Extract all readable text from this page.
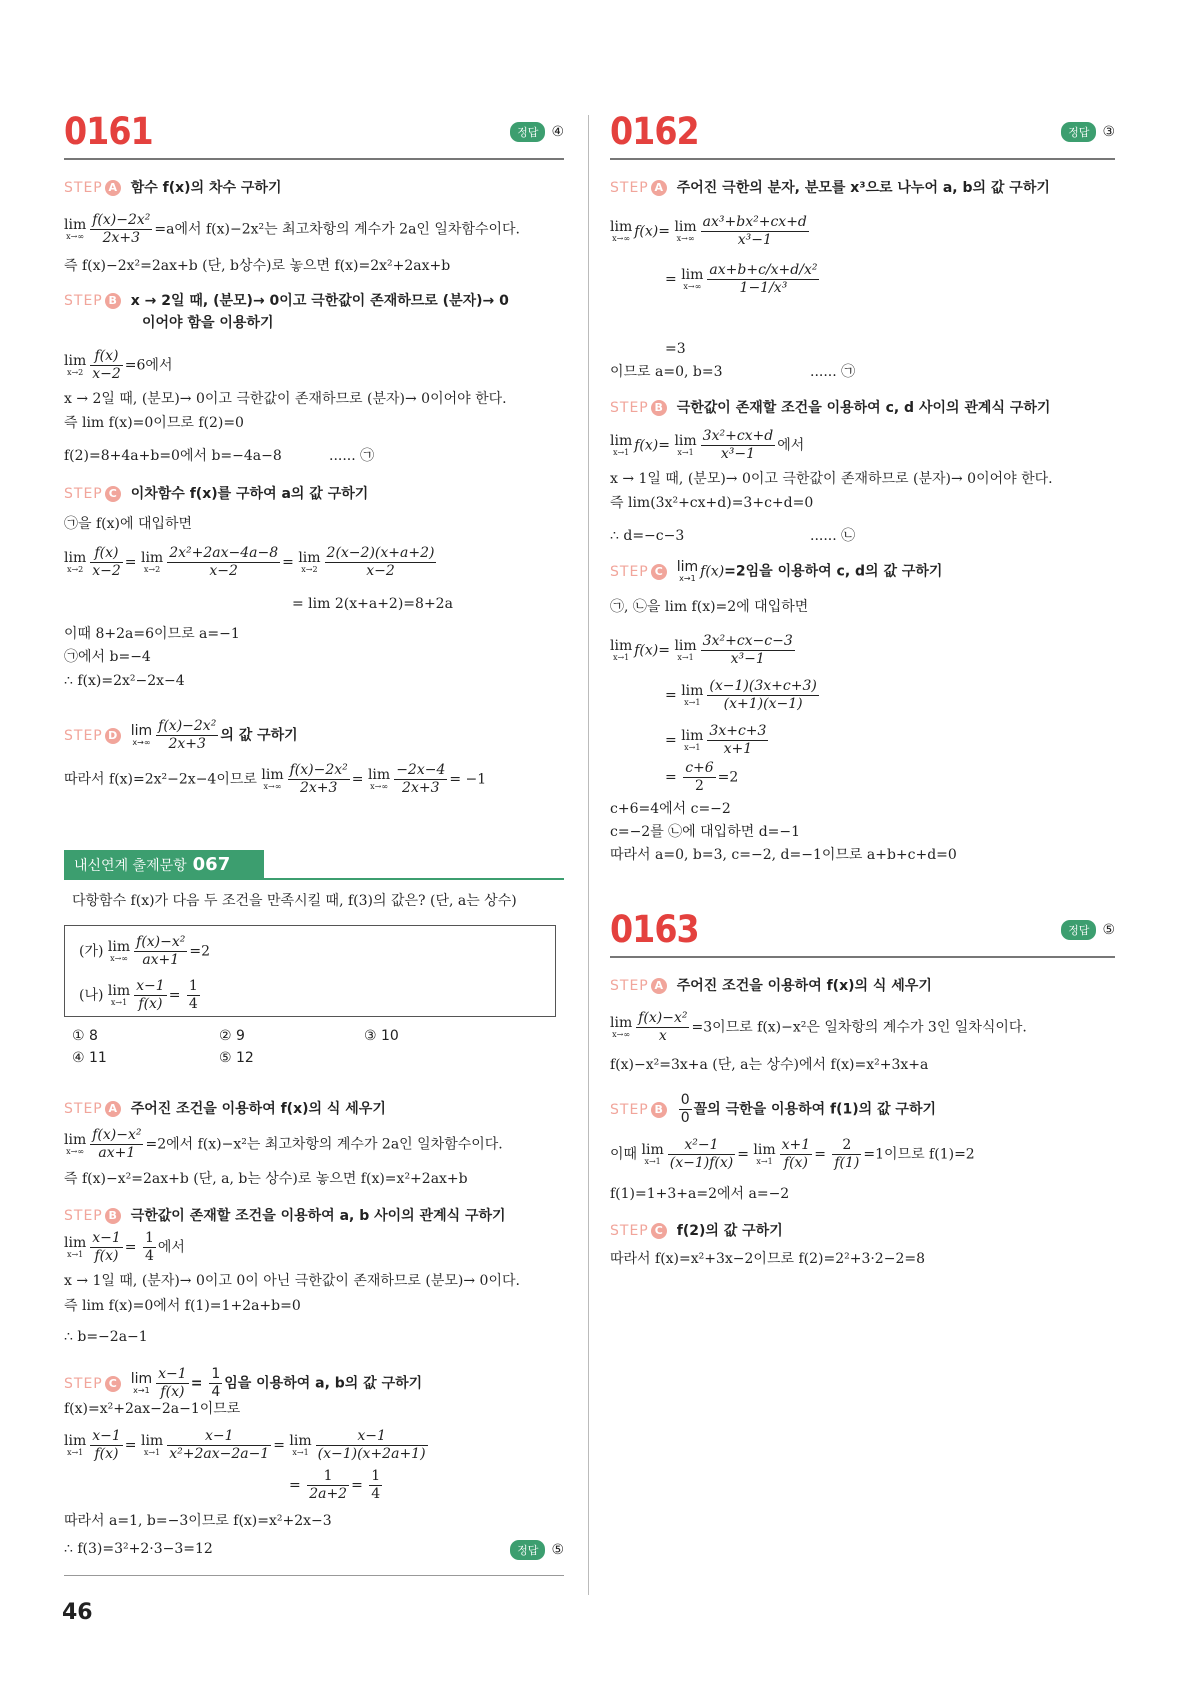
0161	정답 ④
STEP A 함수 f(x)의 차수 구하기
lim
$x\to\infty \frac{\text{f(x)−2x²}}{2x+3} =a$에서 f(x)−2x²는 최고차항의 계수가 2a인 일차함수이다.
즉 f(x)−2x²=2ax+b (단, b상수)로 놓으면 f(x)=2x²+2ax+b
STEP B x → 2일 때, (분모)→ 0이고 극한값이 존재하므로 (분자)→ 0
이어야 함을 이용하기
lim
$x\to 2 \frac{f(x)}{x-2} =6$에서
x → 2일 때, (분모)→ 0이고 극한값이 존재하므로 (분자)→ 0이어야 한다.
즉 lim f(x)=0이므로 f(2)=0
f(2)=8+4a+b=0에서 b=−4a−8	...... ㉠
STEP C 이차함수 f(x)를 구하여 a의 값 구하기
㉠을 f(x)에 대입하면
lim
$x\to 2 \frac{f(x)}{x-2} = \lim$
$x\to 2 \frac{\text{2x²+2ax−4a−8}}{x-2} = \lim$
$x\to 2 \frac{2(x-2)(x+a+2)}{x-2}$
= lim 2(x+a+2)=8+2a
이때 8+2a=6이므로 a=−1
㉠에서 b=−4
∴ f(x)=2x²−2x−4
STEP D lim
$x\to\infty \frac{\text{f(x)−2x²}}{2x+3}$ 의 값 구하기
따라서 f(x)=2x²−2x−4이므로 lim
$x\to\infty \frac{\text{f(x)−2x²}}{2x+3} = \lim$
$x\to\infty \frac{-2x-4}{2x+3} = -1$
내신연계 출제문항 067
다항함수 f(x)가 다음 두 조건을 만족시킬 때, f(3)의 값은? (단, a는 상수)
(가) lim
$x\to\infty \frac{\text{f(x)−x²}}{ax+1} =2$
(나) lim
$x\to 1 \frac{x-1}{f(x)} = \frac{1}{4}$
① 8	② 9	③ 10
④ 11	⑤ 12
STEP A 주어진 조건을 이용하여 f(x)의 식 세우기
lim
$x\to\infty \frac{\text{f(x)−x²}}{ax+1} =2$에서 f(x)−x²는 최고차항의 계수가 2a인 일차함수이다.
즉 f(x)−x²=2ax+b (단, a, b는 상수)로 놓으면 f(x)=x²+2ax+b
STEP B 극한값이 존재할 조건을 이용하여 a, b 사이의 관계식 구하기
lim
$x\to 1 \frac{x-1}{f(x)} = \frac{1}{4}$ 에서
x → 1일 때, (분자)→ 0이고 0이 아닌 극한값이 존재하므로 (분모)→ 0이다.
즉 lim f(x)=0에서 f(1)=1+2a+b=0
∴ b=−2a−1
STEP C lim
$x\to 1 \frac{x-1}{f(x)} = \frac{1}{4}$ 임을 이용하여 a, b의 값 구하기
f(x)=x²+2ax−2a−1이므로
lim
$x\to 1 \frac{x-1}{f(x)} = \lim$
$x\to 1 \frac{x-1}{\text{x²+2ax−2a−1}} = \lim$
$x\to 1 \frac{x-1}{(x-1)(x+2a+1)}$
= $\frac{1}{2a+2} = \frac{1}{4}$
따라서 a=1, b=−3이므로 f(x)=x²+2x−3
∴ f(3)=3²+2·3−3=12	정답 ⑤
46
0162	정답 ③
STEP A 주어진 극한의 분자, 분모를 x³으로 나누어 a, b의 값 구하기
lim
x→∞ f(x)= lim
$x\to\infty \frac{\text{ax³+bx²+cx+d}}{\text{x³−1}}$
= lim
$x\to\infty \frac{\text{ax+b+c/x+d/x²}}{\text{1−1/x³}}$
=3
이므로 a=0, b=3	...... ㉠
STEP B 극한값이 존재할 조건을 이용하여 c, d 사이의 관계식 구하기
lim
x→1 f(x)= lim
$x\to 1 \frac{\text{3x²+cx+d}}{\text{x³−1}}$ 에서
x → 1일 때, (분모)→ 0이고 극한값이 존재하므로 (분자)→ 0이어야 한다.
즉 lim(3x²+cx+d)=3+c+d=0
∴ d=−c−3	...... ㉡
STEP C lim
x→1 f(x)=2임을 이용하여 c, d의 값 구하기
㉠, ㉡을 lim f(x)=2에 대입하면
lim
x→1 f(x)= lim
$x\to 1 \frac{\text{3x²+cx−c−3}}{\text{x³−1}}$
= lim
$x\to 1 \frac{(x-1)(3x+c+3)}{(x+1)(x-1)}$
= lim
$x\to 1 \frac{3x+c+3}{x+1}$
= $\frac{c+6}{2} =2$
c+6=4에서 c=−2
c=−2를 ㉡에 대입하면 d=−1
따라서 a=0, b=3, c=−2, d=−1이므로 a+b+c+d=0
0163	정답 ⑤
STEP A 주어진 조건을 이용하여 f(x)의 식 세우기
lim
$x\to\infty \frac{\text{f(x)−x²}}{x} =3$이므로 f(x)−x²은 일차항의 계수가 3인 일차식이다.
f(x)−x²=3x+a (단, a는 상수)에서 f(x)=x²+3x+a
STEP B $\frac{0}{0}$ 꼴의 극한을 이용하여 f(1)의 값 구하기
이때 lim
$x\to 1 \frac{\text{x²−1}}{(x-1)f(x)} = \lim$
$x\to 1 \frac{x+1}{f(x)} = \frac{2}{f(1)} =1$이므로 f(1)=2
f(1)=1+3+a=2에서 a=−2
STEP C f(2)의 값 구하기
따라서 f(x)=x²+3x−2이므로 f(2)=2²+3·2−2=8
